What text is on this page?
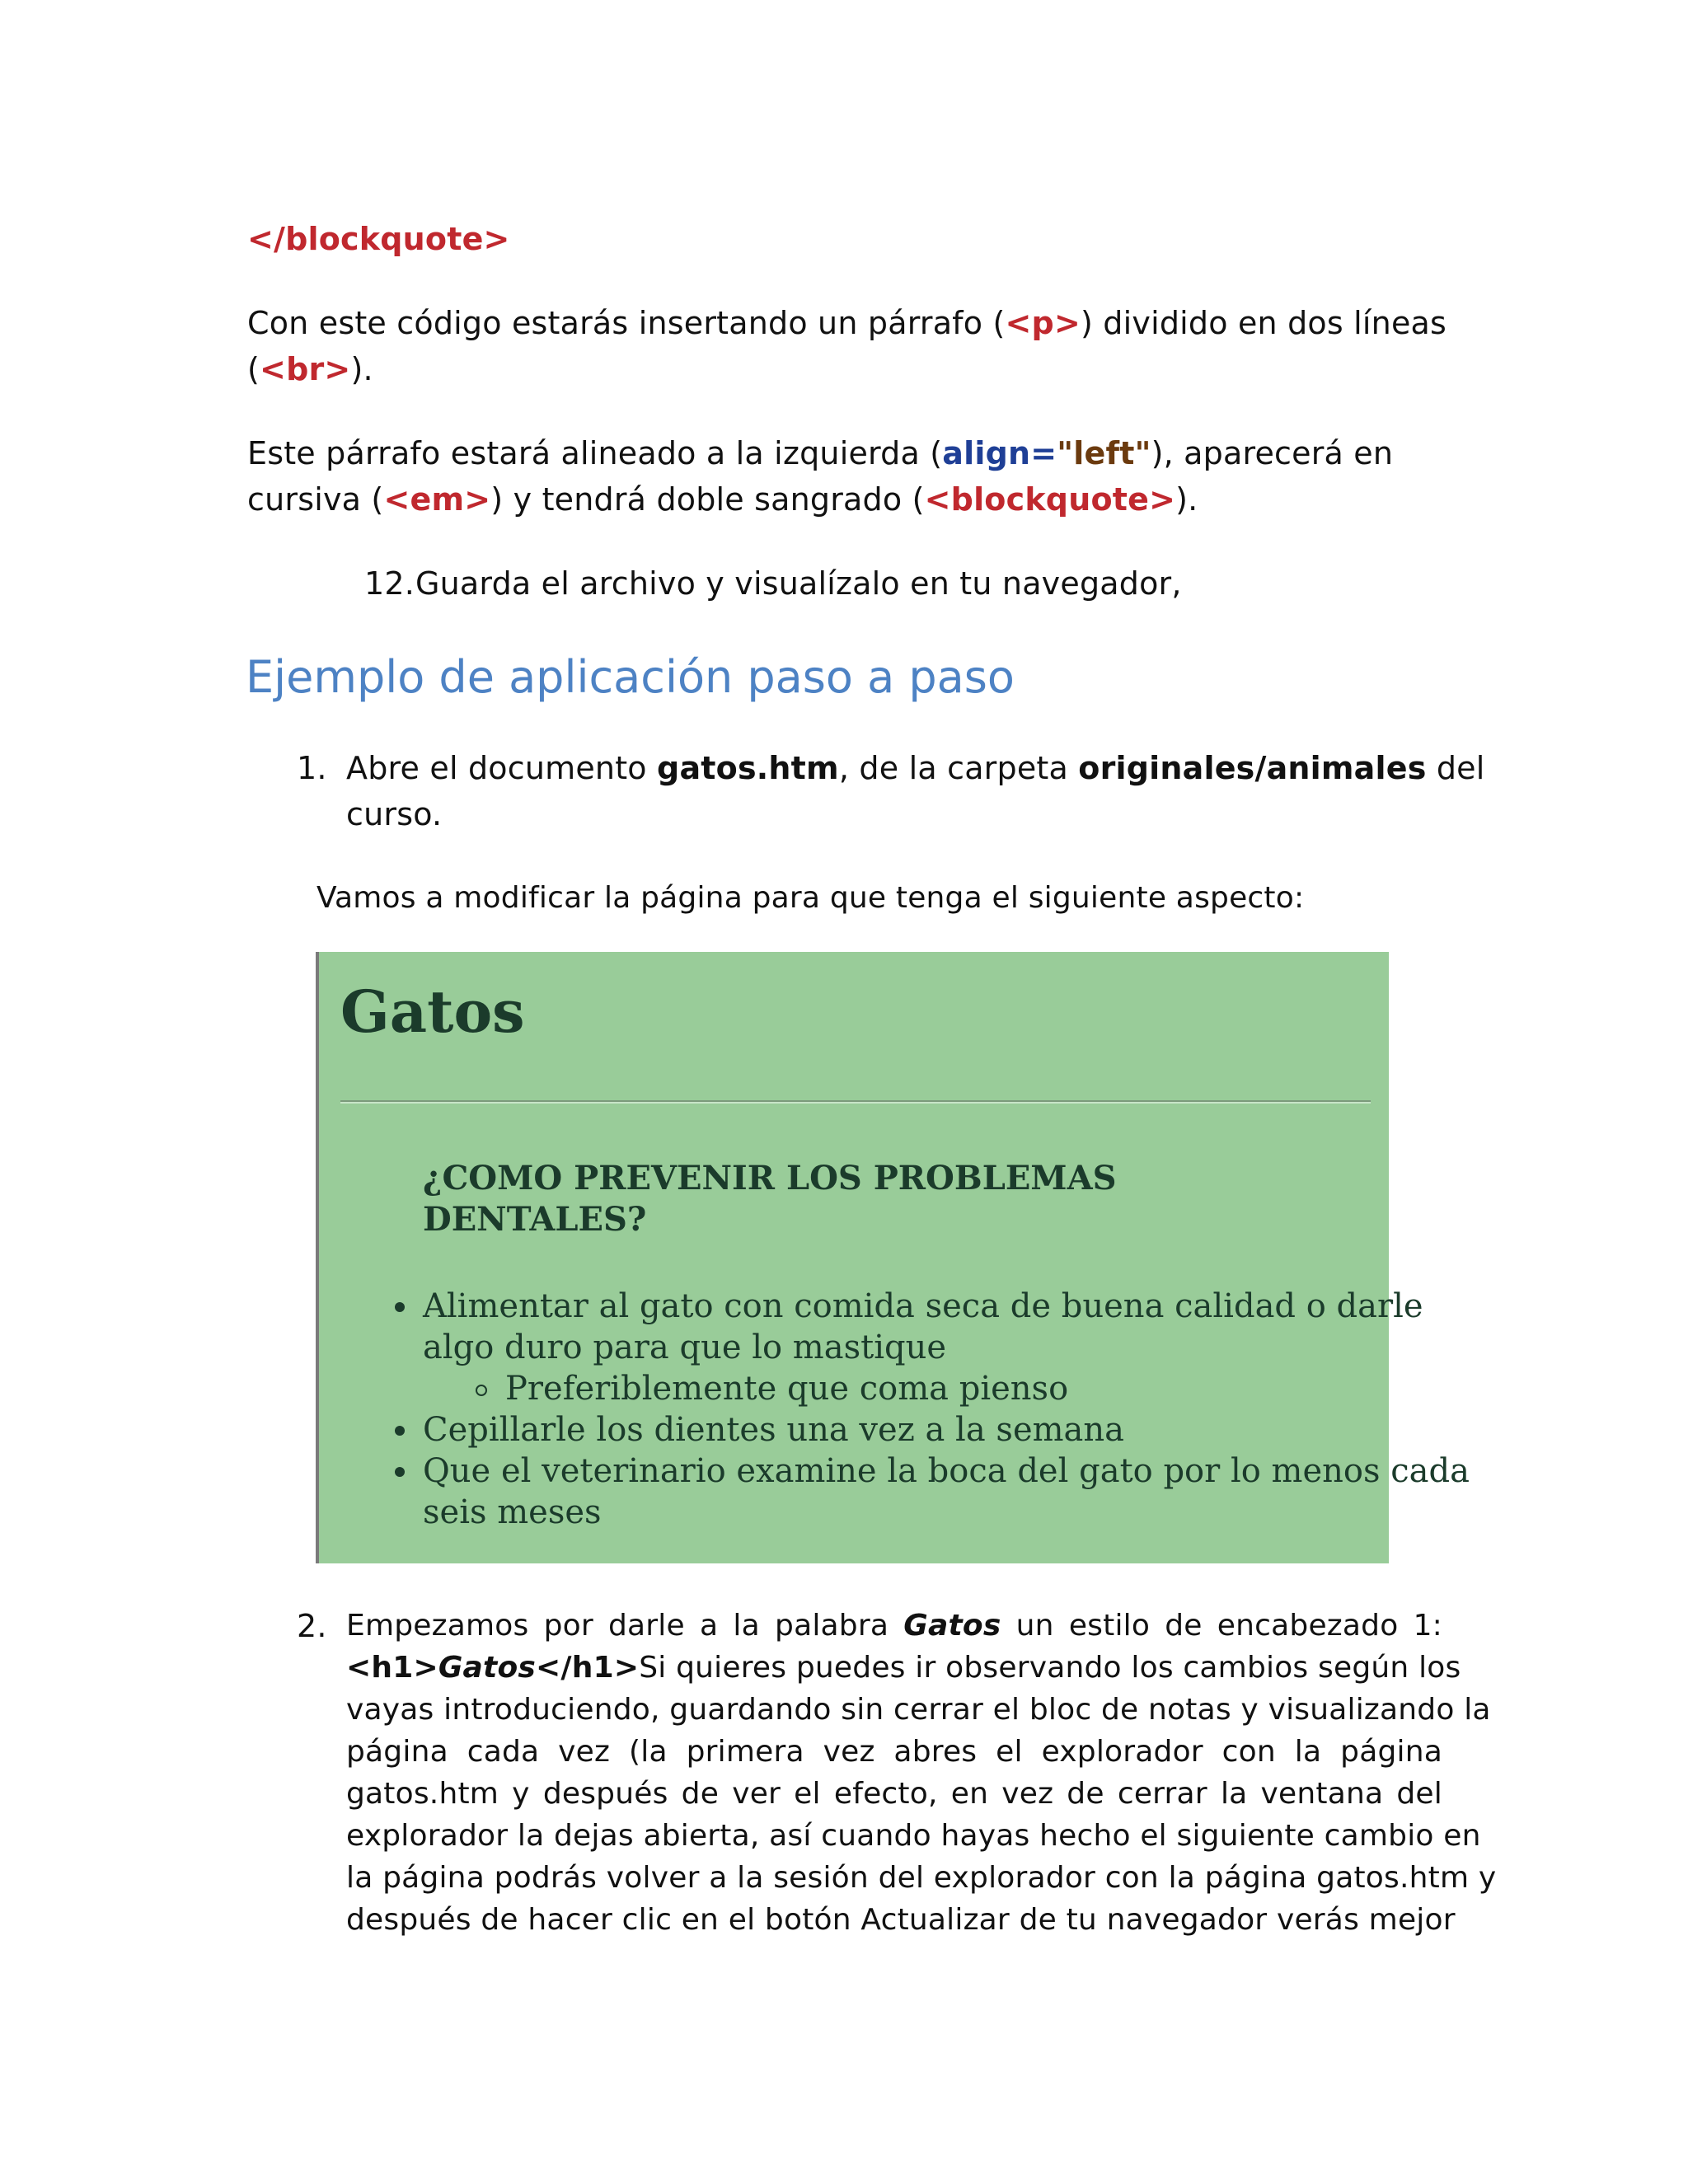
</blockquote>
Con este código estarás insertando un párrafo (<p>) dividido en dos líneas
(<br>).
Este párrafo estará alineado a la izquierda (align="left"), aparecerá en
cursiva (<em>) y tendrá doble sangrado (<blockquote>).
12. Guarda el archivo y visualízalo en tu navegador,
Ejemplo de aplicación paso a paso
1. Abre el documento gatos.htm, de la carpeta originales/animales del
curso.
Vamos a modificar la página para que tenga el siguiente aspecto:
Gatos
¿COMO PREVENIR LOS PROBLEMAS
DENTALES?
Alimentar al gato con comida seca de buena calidad o darle
algo duro para que lo mastique
Preferiblemente que coma pienso
Cepillarle los dientes una vez a la semana
Que el veterinario examine la boca del gato por lo menos cada
seis meses
2. Empezamos por darle a la palabra Gatos un estilo de encabezado 1:
<h1>Gatos</h1>Si quieres puedes ir observando los cambios según los
vayas introduciendo, guardando sin cerrar el bloc de notas y visualizando la
página cada vez (la primera vez abres el explorador con la página
gatos.htm y después de ver el efecto, en vez de cerrar la ventana del
explorador la dejas abierta, así cuando hayas hecho el siguiente cambio en
la página podrás volver a la sesión del explorador con la página gatos.htm y
después de hacer clic en el botón Actualizar de tu navegador verás mejor
